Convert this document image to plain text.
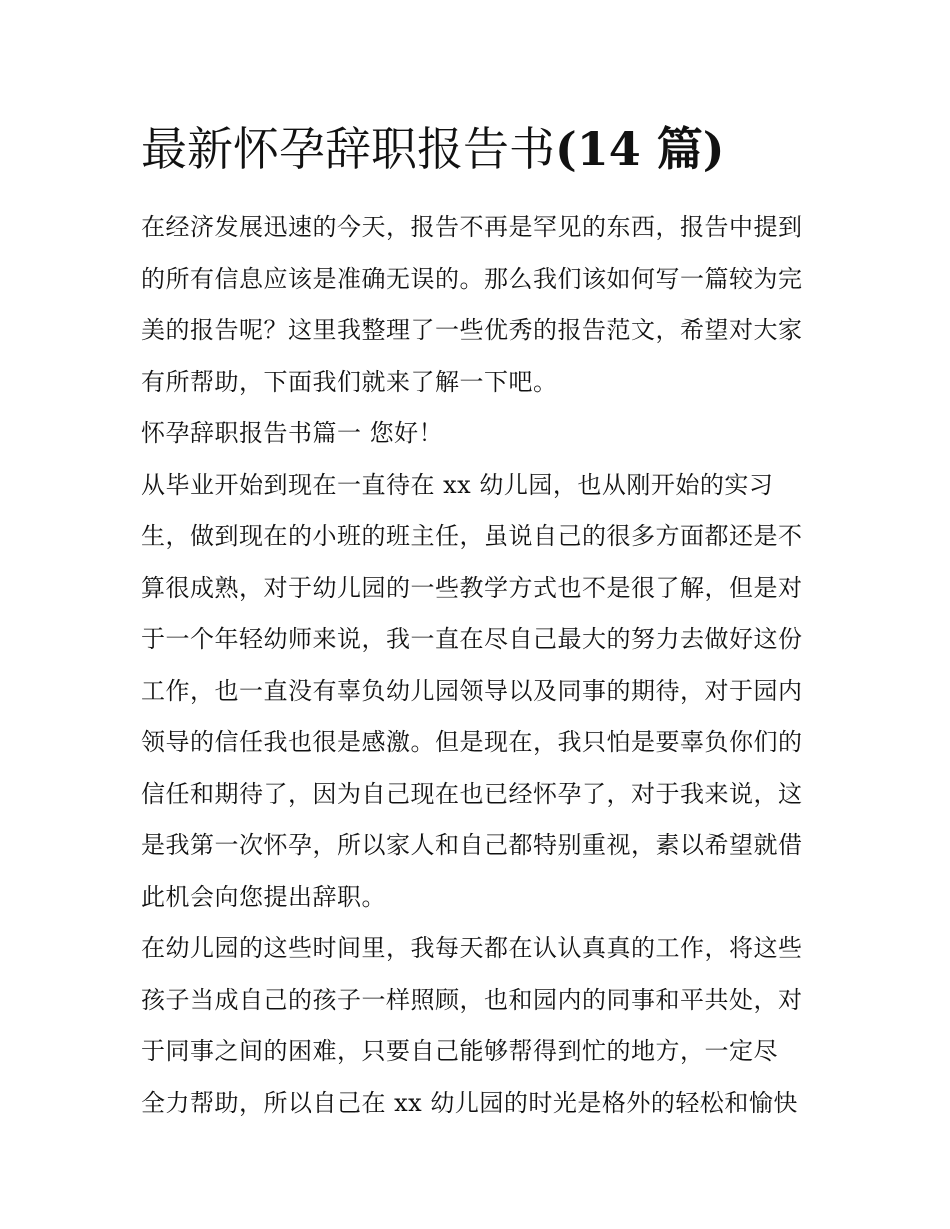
最新怀孕辞职报告书(14 篇)
在经济发展迅速的今天，报告不再是罕见的东西，报告中提到
的所有信息应该是准确无误的。那么我们该如何写一篇较为完
美的报告呢？这里我整理了一些优秀的报告范文，希望对大家
有所帮助，下面我们就来了解一下吧。
怀孕辞职报告书篇一 您好！
从毕业开始到现在一直待在 xx 幼儿园，也从刚开始的实习
生，做到现在的小班的班主任，虽说自己的很多方面都还是不
算很成熟，对于幼儿园的一些教学方式也不是很了解，但是对
于一个年轻幼师来说，我一直在尽自己最大的努力去做好这份
工作，也一直没有辜负幼儿园领导以及同事的期待，对于园内
领导的信任我也很是感激。但是现在，我只怕是要辜负你们的
信任和期待了，因为自己现在也已经怀孕了，对于我来说，这
是我第一次怀孕，所以家人和自己都特别重视，素以希望就借
此机会向您提出辞职。
在幼儿园的这些时间里，我每天都在认认真真的工作，将这些
孩子当成自己的孩子一样照顾，也和园内的同事和平共处，对
于同事之间的困难，只要自己能够帮得到忙的地方，一定尽
全力帮助，所以自己在 xx 幼儿园的时光是格外的轻松和愉快
